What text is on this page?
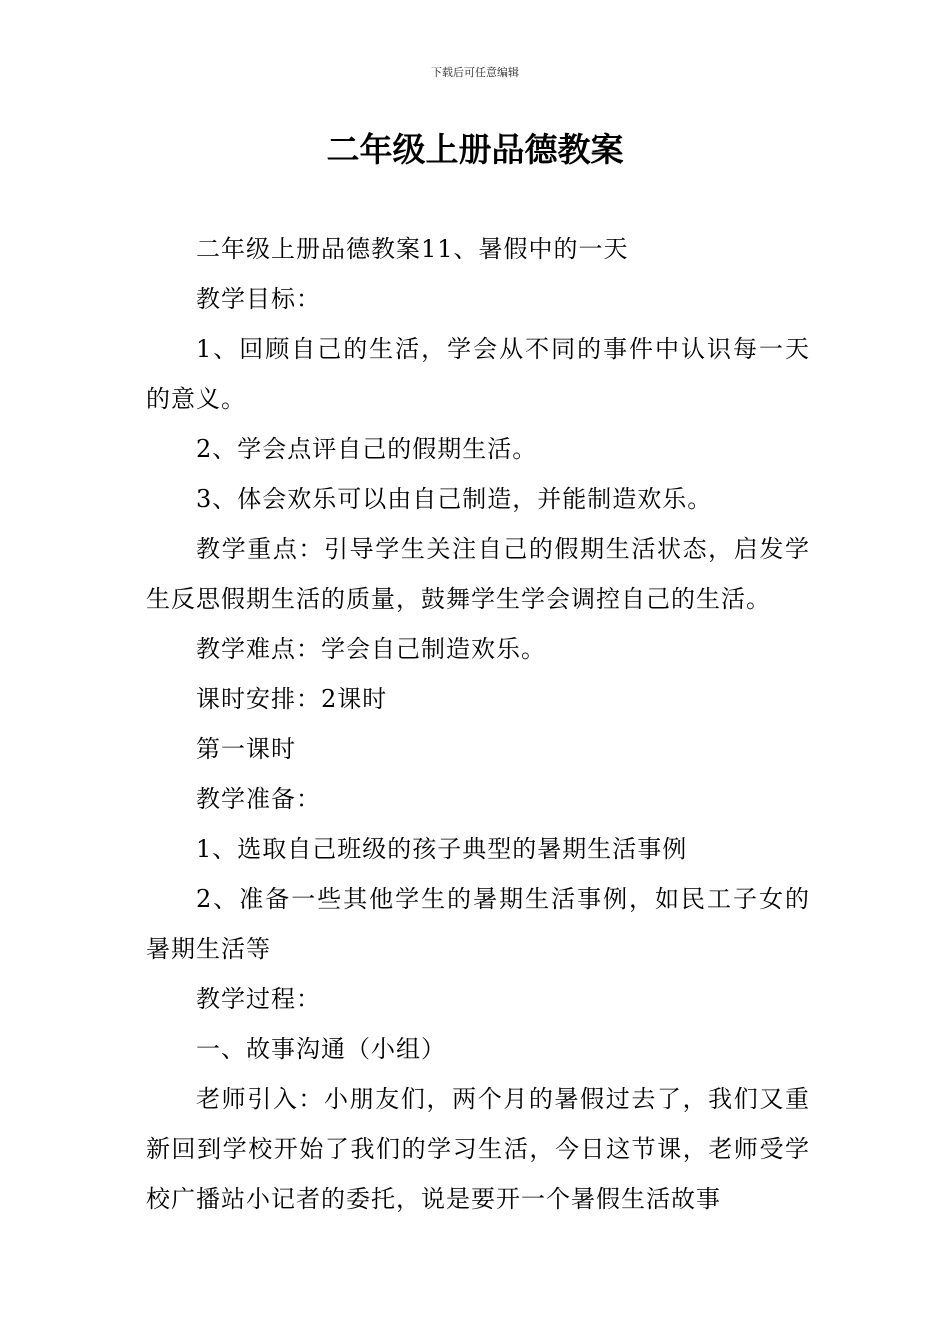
下载后可任意编辑
二年级上册品德教案

二年级上册品德教案11、暑假中的一天

教学目标：

1、回顾自己的生活，学会从不同的事件中认识每一天的意义。

2、学会点评自己的假期生活。

3、体会欢乐可以由自己制造，并能制造欢乐。

教学重点：引导学生关注自己的假期生活状态，启发学生反思假期生活的质量，鼓舞学生学会调控自己的生活。

教学难点：学会自己制造欢乐。

课时安排：2课时

第一课时

教学准备：

1、选取自己班级的孩子典型的暑期生活事例

2、准备一些其他学生的暑期生活事例，如民工子女的暑期生活等

教学过程：

一、故事沟通（小组）

老师引入：小朋友们，两个月的暑假过去了，我们又重新回到学校开始了我们的学习生活，今日这节课，老师受学校广播站小记者的委托，说是要开一个暑假生活故事
